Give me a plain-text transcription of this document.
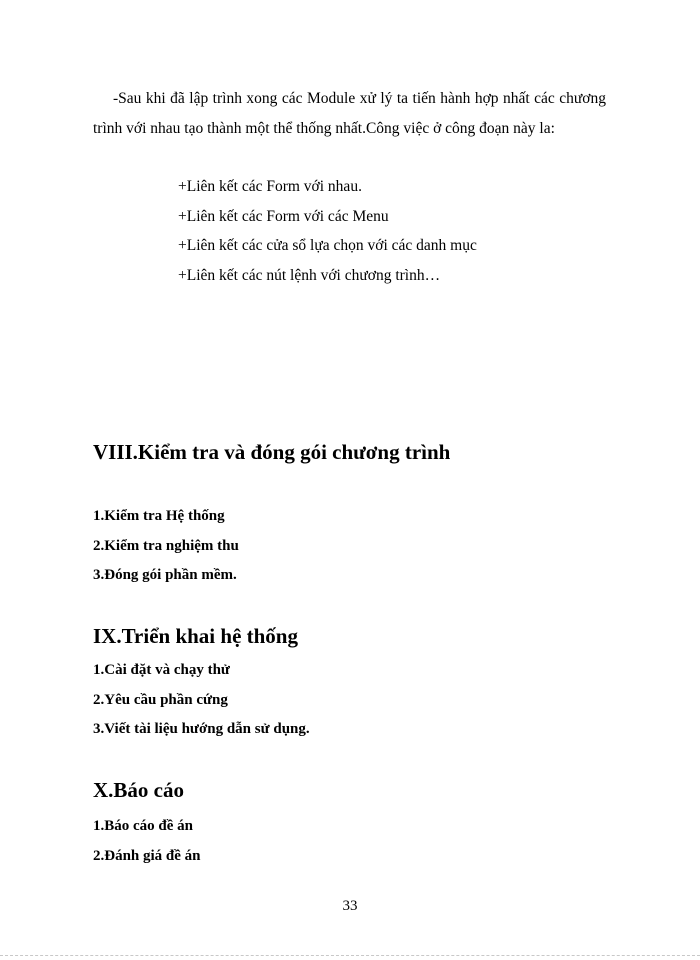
-Sau khi đã lập trình xong các Module xử lý ta tiến hành hợp nhất các chương trình với nhau tạo thành một thể thống nhất.Công việc ở công đoạn này la:

+Liên kết các Form với nhau.
+Liên kết các Form với các Menu
+Liên kết các cửa sổ lựa chọn với các danh mục
+Liên kết các nút lệnh với chương trình…
VIII.Kiểm tra và đóng gói chương trình
1.Kiểm tra Hệ thống
2.Kiểm tra nghiệm thu
3.Đóng gói phần mềm.
IX.Triển khai hệ thống
1.Cài đặt và chạy thử
2.Yêu cầu phần cứng
3.Viết tài liệu hướng dẫn sử dụng.
X.Báo cáo
1.Báo cáo đề án
2.Đánh giá đề án
33
